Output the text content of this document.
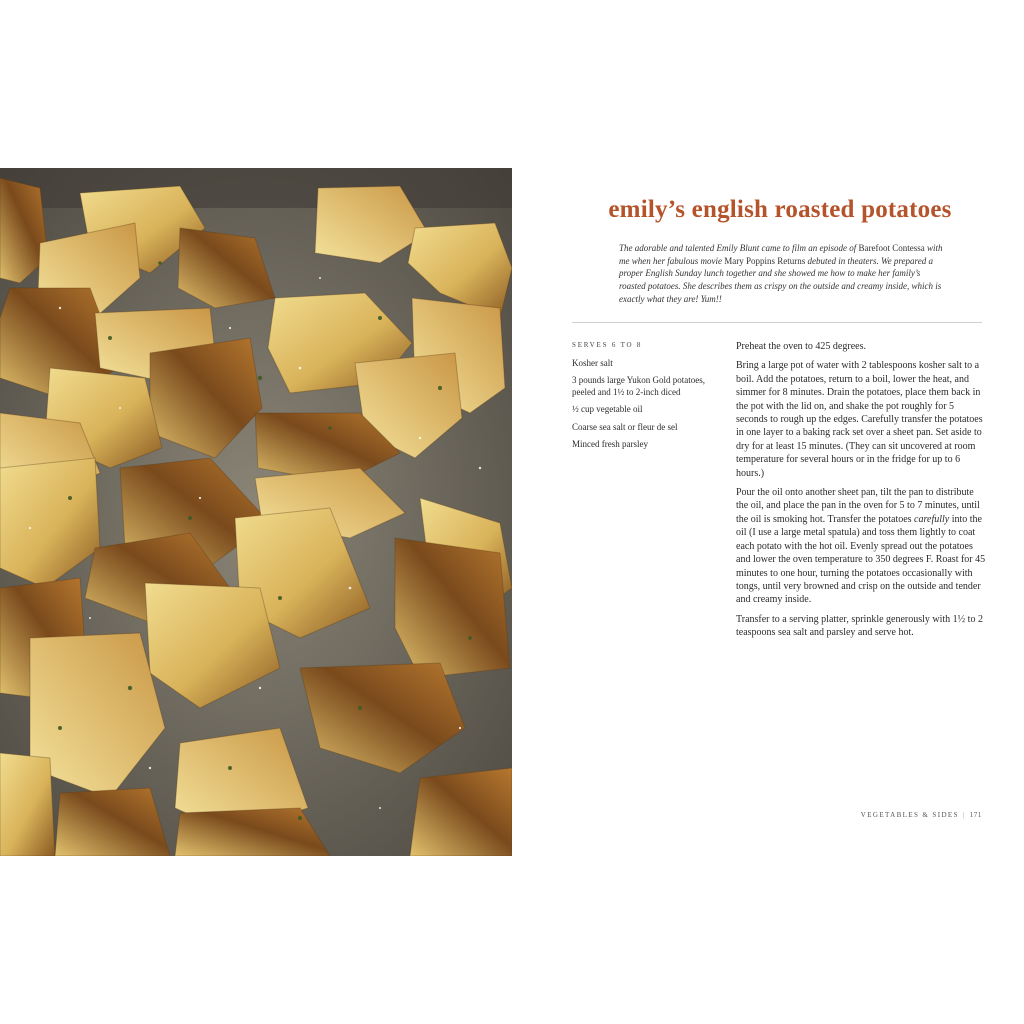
emily’s english roasted potatoes

The adorable and talented Emily Blunt came to film an episode of Barefoot Contessa with me when her fabulous movie Mary Poppins Returns debuted in theaters. We prepared a proper English Sunday lunch together and she showed me how to make her family’s roasted potatoes. She describes them as crispy on the outside and creamy inside, which is exactly what they are! Yum!!

SERVES 6 TO 8
Kosher salt
3 pounds large Yukon Gold potatoes, peeled and 1½ to 2-inch diced
½ cup vegetable oil
Coarse sea salt or fleur de sel
Minced fresh parsley

Preheat the oven to 425 degrees.

Bring a large pot of water with 2 tablespoons kosher salt to a boil. Add the potatoes, return to a boil, lower the heat, and simmer for 8 minutes. Drain the potatoes, place them back in the pot with the lid on, and shake the pot roughly for 5 seconds to rough up the edges. Carefully transfer the potatoes in one layer to a baking rack set over a sheet pan. Set aside to dry for at least 15 minutes. (They can sit uncovered at room temperature for several hours or in the fridge for up to 6 hours.)

Pour the oil onto another sheet pan, tilt the pan to distribute the oil, and place the pan in the oven for 5 to 7 minutes, until the oil is smoking hot. Transfer the potatoes carefully into the oil (I use a large metal spatula) and toss them lightly to coat each potato with the hot oil. Evenly spread out the potatoes and lower the oven temperature to 350 degrees F. Roast for 45 minutes to one hour, turning the potatoes occasionally with tongs, until very browned and crisp on the outside and tender and creamy inside.

Transfer to a serving platter, sprinkle generously with 1½ to 2 teaspoons sea salt and parsley and serve hot.

VEGETABLES & SIDES | 171
